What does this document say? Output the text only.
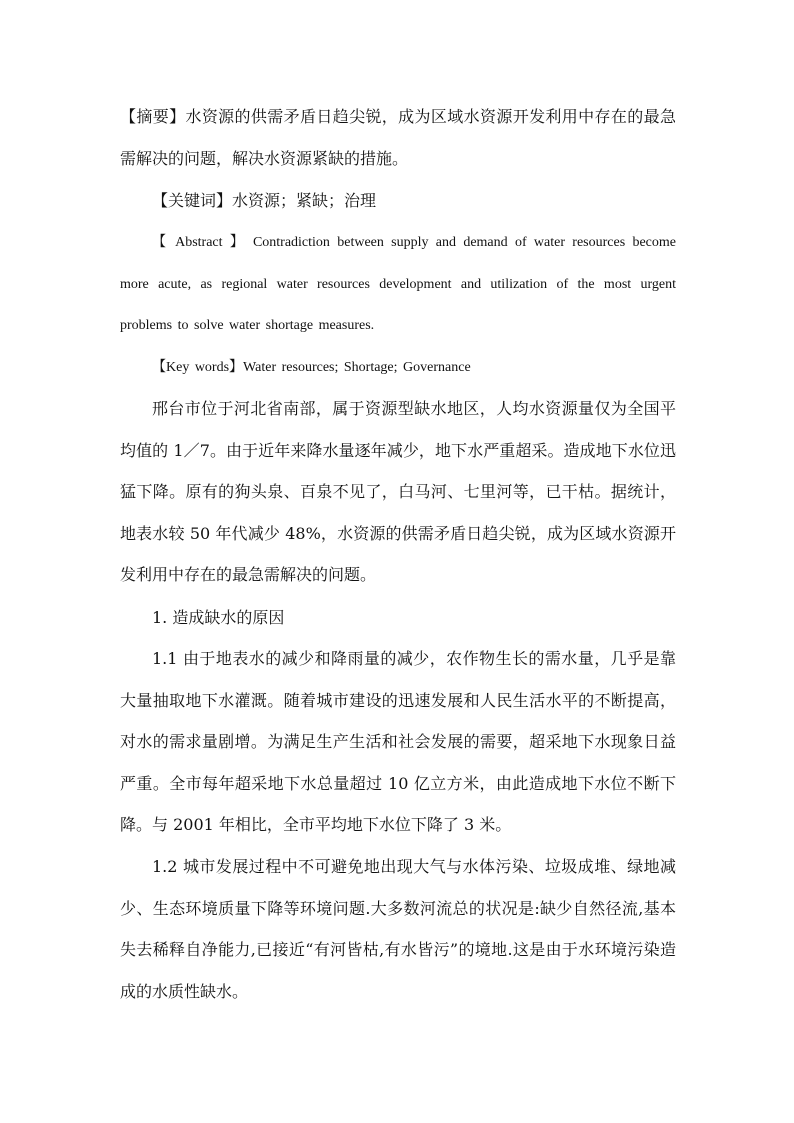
【摘要】水资源的供需矛盾日趋尖锐，成为区域水资源开发利用中存在的最急需解决的问题，解决水资源紧缺的措施。
【关键词】水资源；紧缺；治理
【 Abstract 】 Contradiction between supply and demand of water resources become more acute, as regional water resources development and utilization of the most urgent problems to solve water shortage measures.
【Key words】Water resources; Shortage; Governance
邢台市位于河北省南部，属于资源型缺水地区，人均水资源量仅为全国平均值的 1／7。由于近年来降水量逐年减少，地下水严重超采。造成地下水位迅猛下降。原有的狗头泉、百泉不见了，白马河、七里河等，已干枯。据统计，地表水较 50 年代减少 48%，水资源的供需矛盾日趋尖锐，成为区域水资源开发利用中存在的最急需解决的问题。
1. 造成缺水的原因
1.1 由于地表水的减少和降雨量的减少，农作物生长的需水量，几乎是靠大量抽取地下水灌溉。随着城市建设的迅速发展和人民生活水平的不断提高，对水的需求量剧增。为满足生产生活和社会发展的需要，超采地下水现象日益严重。全市每年超采地下水总量超过 10 亿立方米，由此造成地下水位不断下降。与 2001 年相比，全市平均地下水位下降了 3 米。
1.2 城市发展过程中不可避免地出现大气与水体污染、垃圾成堆、绿地减少、生态环境质量下降等环境问题.大多数河流总的状况是:缺少自然径流,基本失去稀释自净能力,已接近“有河皆枯,有水皆污”的境地.这是由于水环境污染造成的水质性缺水。
